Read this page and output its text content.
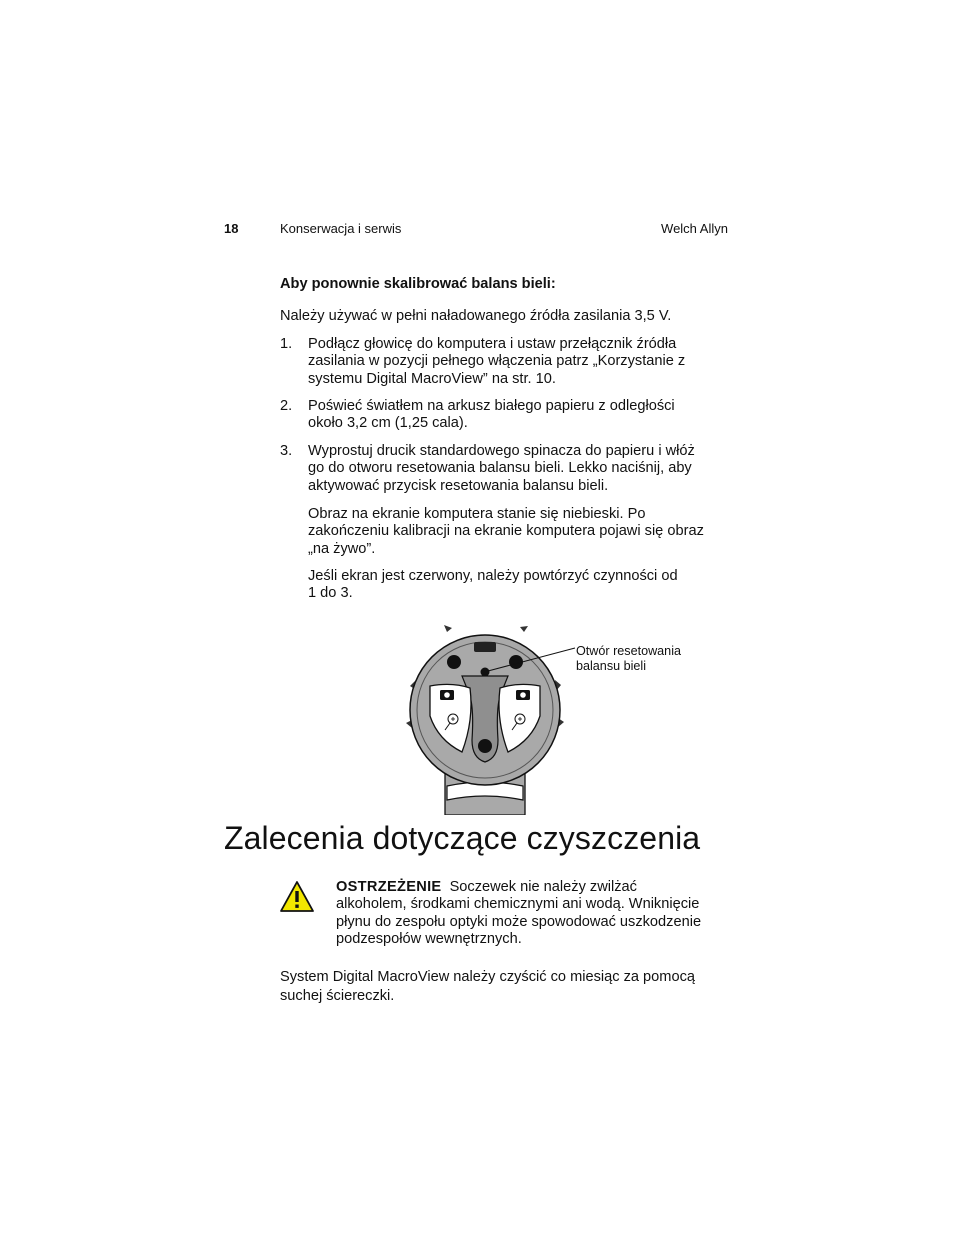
18	Konserwacja i serwis	Welch Allyn
Aby ponownie skalibrować balans bieli:
Należy używać w pełni naładowanego źródła zasilania 3,5 V.
1.	Podłącz głowicę do komputera i ustaw przełącznik źródła
zasilania w pozycji pełnego włączenia patrz „Korzystanie z
systemu Digital MacroView” na str. 10.
2.	Poświeć światłem na arkusz białego papieru z odległości
około 3,2 cm (1,25 cala).
3.	Wyprostuj drucik standardowego spinacza do papieru i włóż
go do otworu resetowania balansu bieli. Lekko naciśnij, aby
aktywować przycisk resetowania balansu bieli.
Obraz na ekranie komputera stanie się niebieski. Po
zakończeniu kalibracji na ekranie komputera pojawi się obraz
„na żywo”.
Jeśli ekran jest czerwony, należy powtórzyć czynności od
1 do 3.
Otwór resetowania
balansu bieli
Zalecenia dotyczące czyszczenia
OSTRZEŻENIE Soczewek nie należy zwilżać
alkoholem, środkami chemicznymi ani wodą. Wniknięcie
płynu do zespołu optyki może spowodować uszkodzenie
podzespołów wewnętrznych.
System Digital MacroView należy czyścić co miesiąc za pomocą
suchej ściereczki.
